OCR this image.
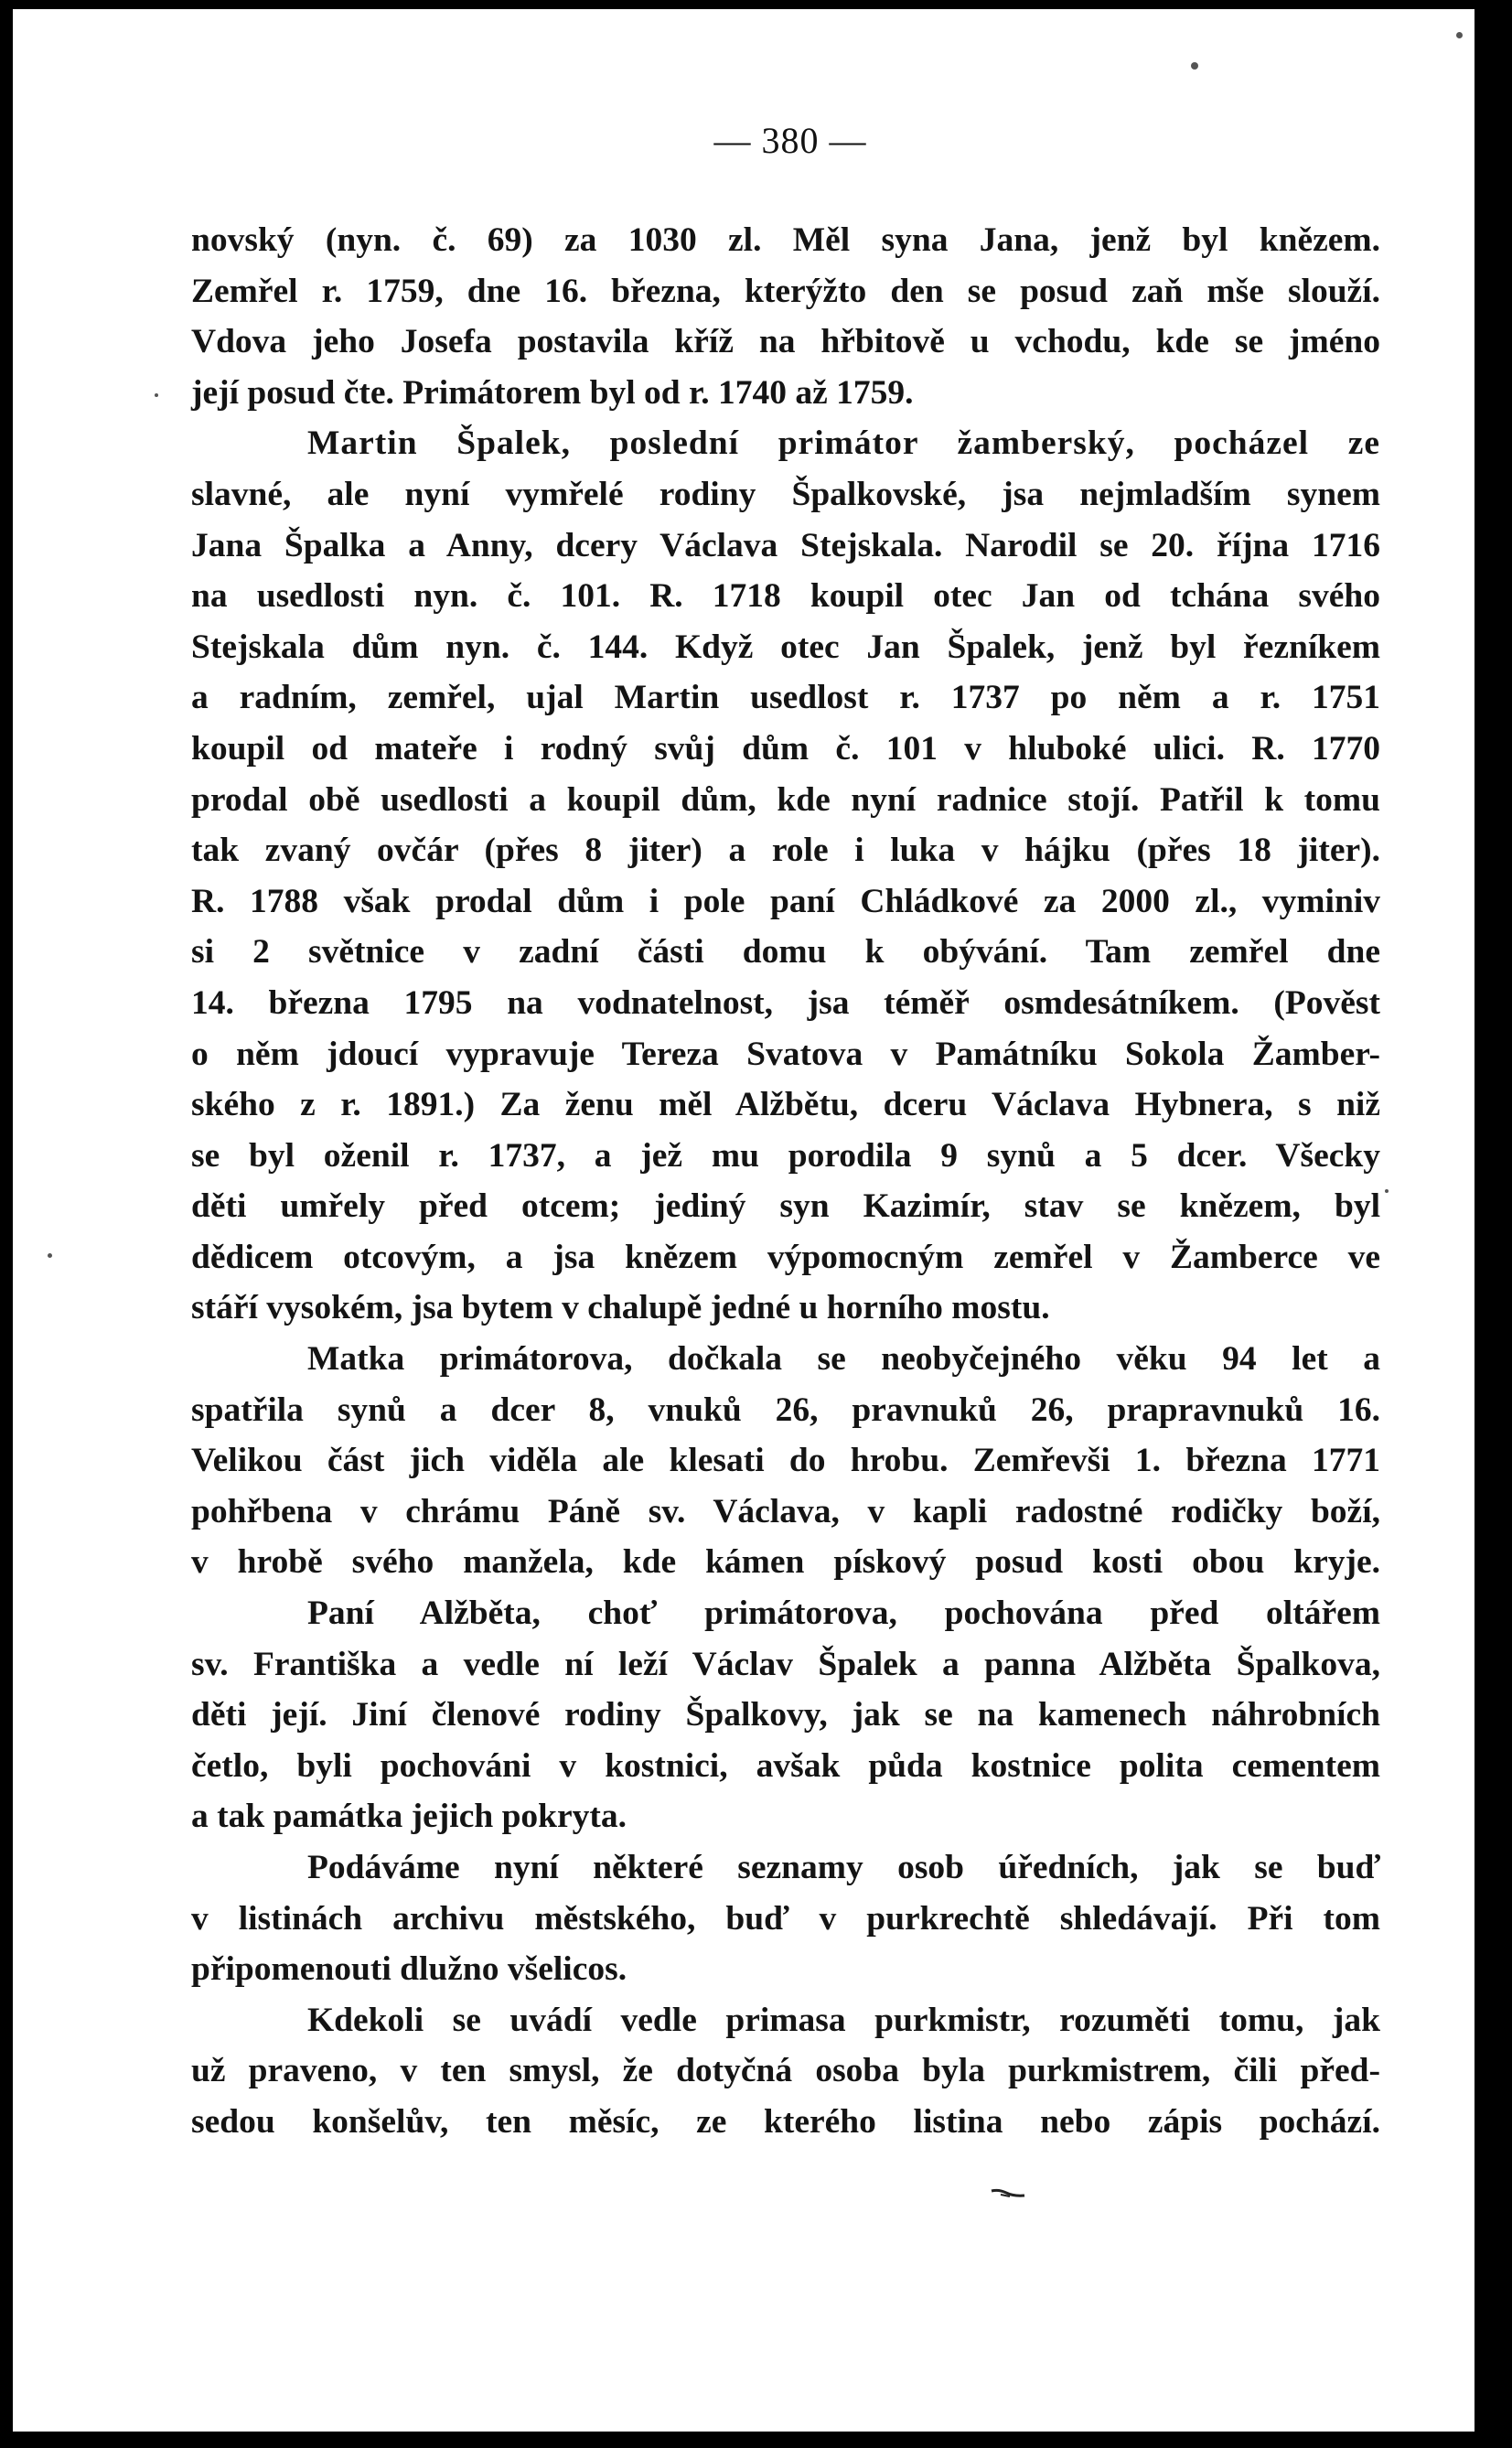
— 380 —
novský (nyn. č. 69) za 1030 zl. Měl syna Jana, jenž byl knězem.
Zemřel r. 1759, dne 16. března, kterýžto den se posud zaň mše slouží.
Vdova jeho Josefa postavila kříž na hřbitově u vchodu, kde se jméno
její posud čte. Primátorem byl od r. 1740 až 1759.
Martin Špalek, poslední primátor žamberský, pocházel ze
slavné, ale nyní vymřelé rodiny Špalkovské, jsa nejmladším synem
Jana Špalka a Anny, dcery Václava Stejskala. Narodil se 20. října 1716
na usedlosti nyn. č. 101. R. 1718 koupil otec Jan od tchána svého
Stejskala dům nyn. č. 144. Když otec Jan Špalek, jenž byl řezníkem
a radním, zemřel, ujal Martin usedlost r. 1737 po něm a r. 1751
koupil od mateře i rodný svůj dům č. 101 v hluboké ulici. R. 1770
prodal obě usedlosti a koupil dům, kde nyní radnice stojí. Patřil k tomu
tak zvaný ovčár (přes 8 jiter) a role i luka v hájku (přes 18 jiter).
R. 1788 však prodal dům i pole paní Chládkové za 2000 zl., vyminiv
si 2 světnice v zadní části domu k obývání. Tam zemřel dne
14. března 1795 na vodnatelnost, jsa téměř osmdesátníkem. (Pověst
o něm jdoucí vypravuje Tereza Svatova v Památníku Sokola Žamber-
ského z r. 1891.) Za ženu měl Alžbětu, dceru Václava Hybnera, s niž
se byl oženil r. 1737, a jež mu porodila 9 synů a 5 dcer. Všecky
děti umřely před otcem; jediný syn Kazimír, stav se knězem, byl
dědicem otcovým, a jsa knězem výpomocným zemřel v Žamberce ve
stáří vysokém, jsa bytem v chalupě jedné u horního mostu.
Matka primátorova, dočkala se neobyčejného věku 94 let a
spatřila synů a dcer 8, vnuků 26, pravnuků 26, prapravnuků 16.
Velikou část jich viděla ale klesati do hrobu. Zemřevši 1. března 1771
pohřbena v chrámu Páně sv. Václava, v kapli radostné rodičky boží,
v hrobě svého manžela, kde kámen pískový posud kosti obou kryje.
Paní Alžběta, choť primátorova, pochována před oltářem
sv. Františka a vedle ní leží Václav Špalek a panna Alžběta Špalkova,
děti její. Jiní členové rodiny Špalkovy, jak se na kamenech náhrobních
četlo, byli pochováni v kostnici, avšak půda kostnice polita cementem
a tak památka jejich pokryta.
Podáváme nyní některé seznamy osob úředních, jak se buď
v listinách archivu městského, buď v purkrechtě shledávají. Při tom
připomenouti dlužno všelicos.
Kdekoli se uvádí vedle primasa purkmistr, rozuměti tomu, jak
už praveno, v ten smysl, že dotyčná osoba byla purkmistrem, čili před-
sedou konšelův, ten měsíc, ze kterého listina nebo zápis pochází.
